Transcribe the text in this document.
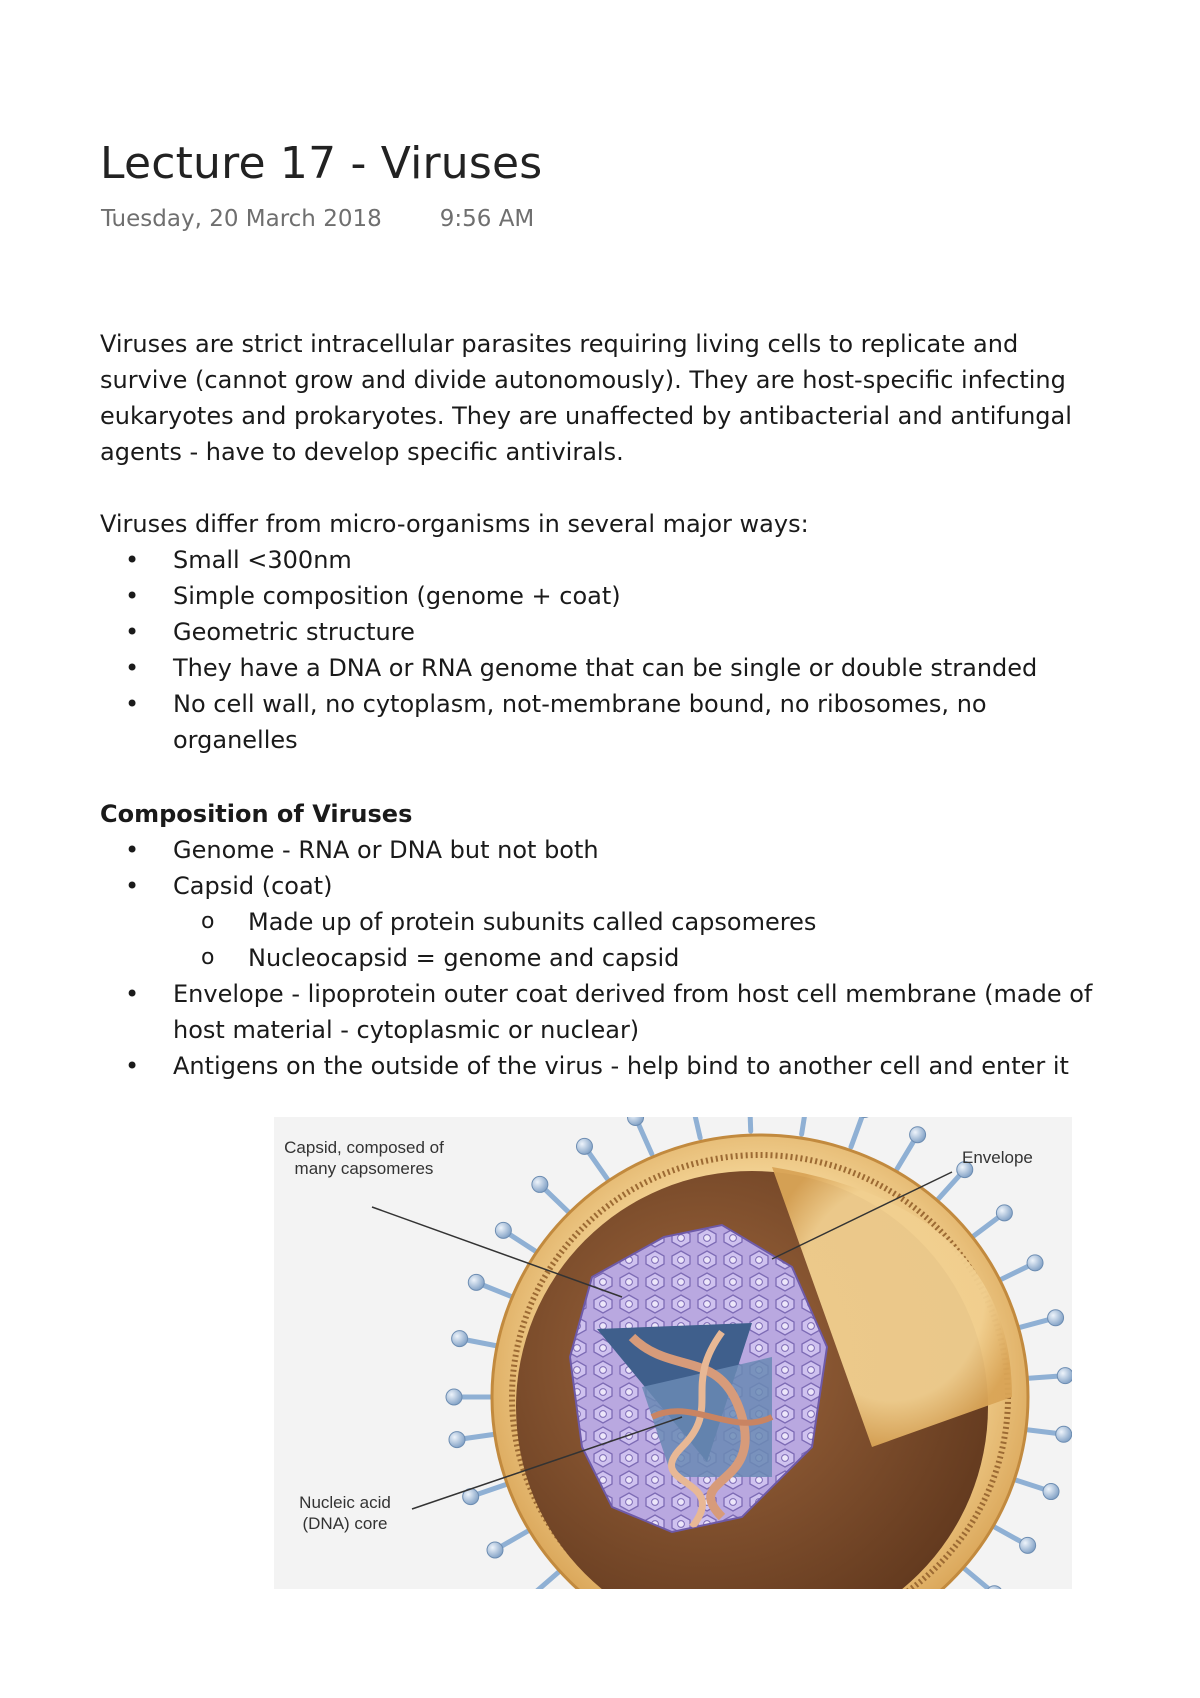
Lecture 17 - Viruses
Tuesday, 20 March 2018	9:56 AM

Viruses are strict intracellular parasites requiring living cells to replicate and survive (cannot grow and divide autonomously). They are host-specific infecting eukaryotes and prokaryotes. They are unaffected by antibacterial and antifungal agents - have to develop specific antivirals.

Viruses differ from micro-organisms in several major ways:

• Small <300nm
• Simple composition (genome + coat)
• Geometric structure
• They have a DNA or RNA genome that can be single or double stranded
• No cell wall, no cytoplasm, not-membrane bound, no ribosomes, no organelles

Composition of Viruses

• Genome - RNA or DNA but not both
• Capsid (coat)
o Made up of protein subunits called capsomeres
o Nucleocapsid = genome and capsid
• Envelope - lipoprotein outer coat derived from host cell membrane (made of host material - cytoplasmic or nuclear)
• Antigens on the outside of the virus - help bind to another cell and enter it
Capsid, composed of many capsomeres
Envelope
Nucleic acid (DNA) core
